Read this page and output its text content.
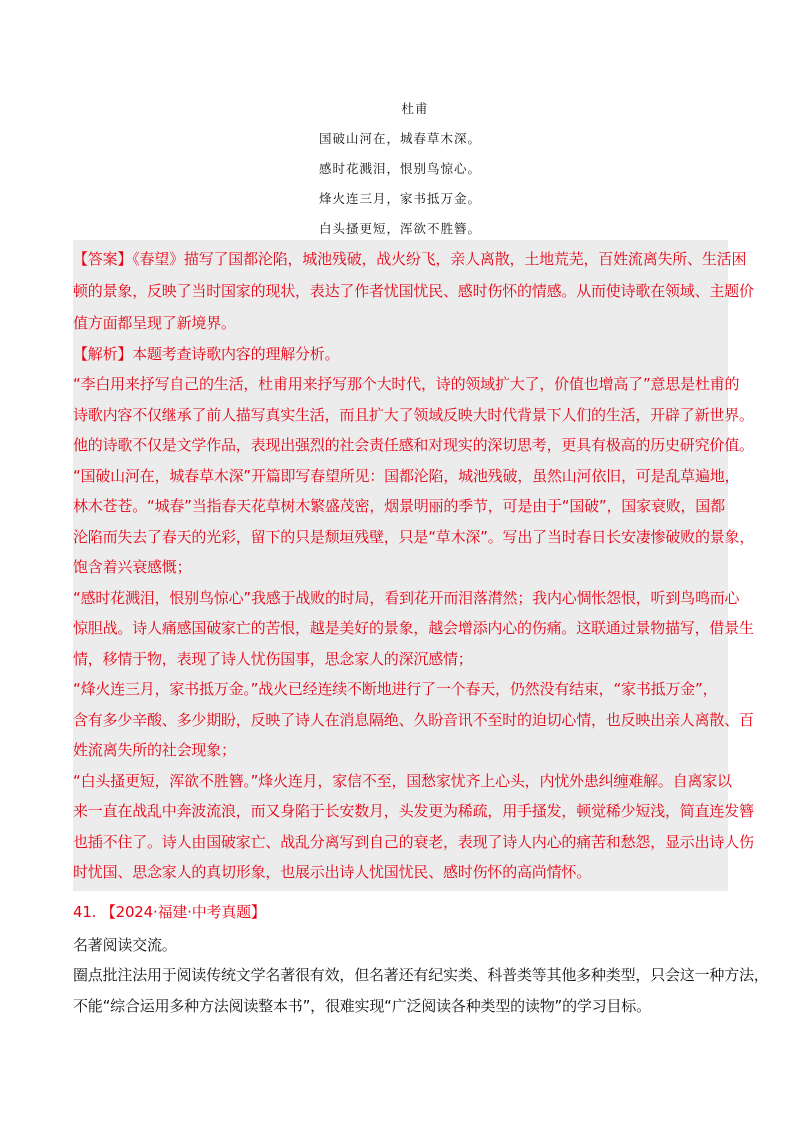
杜甫
国破山河在，城春草木深。
感时花溅泪，恨别鸟惊心。
烽火连三月，家书抵万金。
白头搔更短，浑欲不胜簪。
【答案】《春望》描写了国都沦陷，城池残破，战火纷飞，亲人离散，土地荒芜，百姓流离失所、生活困
顿的景象，反映了当时国家的现状，表达了作者忧国忧民、感时伤怀的情感。从而使诗歌在领域、主题价
值方面都呈现了新境界。
【解析】本题考查诗歌内容的理解分析。
“李白用来抒写自己的生活，杜甫用来抒写那个大时代，诗的领域扩大了，价值也增高了”意思是杜甫的
诗歌内容不仅继承了前人描写真实生活，而且扩大了领域反映大时代背景下人们的生活，开辟了新世界。
他的诗歌不仅是文学作品，表现出强烈的社会责任感和对现实的深切思考，更具有极高的历史研究价值。
“国破山河在，城春草木深”开篇即写春望所见：国都沦陷，城池残破，虽然山河依旧，可是乱草遍地，
林木苍苍。“城春”当指春天花草树木繁盛茂密，烟景明丽的季节，可是由于“国破”，国家衰败，国都
沦陷而失去了春天的光彩，留下的只是颓垣残壁，只是“草木深”。写出了当时春日长安凄惨破败的景象，
饱含着兴衰感慨；
“感时花溅泪，恨别鸟惊心”我感于战败的时局，看到花开而泪落潸然；我内心惆怅怨恨，听到鸟鸣而心
惊胆战。诗人痛感国破家亡的苦恨，越是美好的景象，越会增添内心的伤痛。这联通过景物描写，借景生
情，移情于物，表现了诗人忧伤国事，思念家人的深沉感情；
“烽火连三月，家书抵万金。”战火已经连续不断地进行了一个春天，仍然没有结束，“家书抵万金”，
含有多少辛酸、多少期盼，反映了诗人在消息隔绝、久盼音讯不至时的迫切心情，也反映出亲人离散、百
姓流离失所的社会现象；
“白头搔更短，浑欲不胜簪。”烽火连月，家信不至，国愁家忧齐上心头，内忧外患纠缠难解。自离家以
来一直在战乱中奔波流浪，而又身陷于长安数月，头发更为稀疏，用手搔发，顿觉稀少短浅，简直连发簪
也插不住了。诗人由国破家亡、战乱分离写到自己的衰老，表现了诗人内心的痛苦和愁怨，显示出诗人伤
时忧国、思念家人的真切形象，也展示出诗人忧国忧民、感时伤怀的高尚情怀。
41. 【2024·福建·中考真题】
名著阅读交流。
圈点批注法用于阅读传统文学名著很有效，但名著还有纪实类、科普类等其他多种类型，只会这一种方法，
不能“综合运用多种方法阅读整本书”，很难实现“广泛阅读各种类型的读物”的学习目标。
